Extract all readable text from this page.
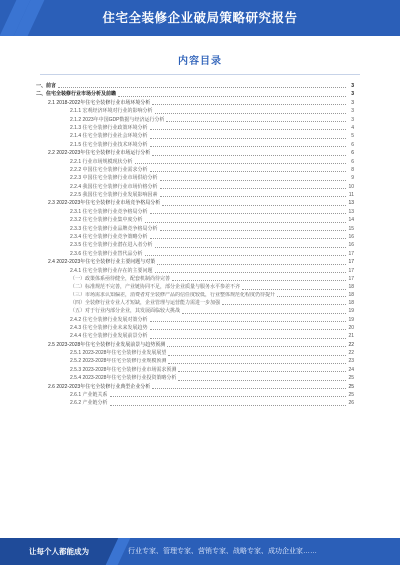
住宅全装修企业破局策略研究报告
内容目录
一、前言	3
二、住宅全装修行业市场分析及前瞻	3
2.1 2018-2022年住宅全装修行业市场环境分析	3
2.1.1 宏观经济环境对行业的影响分析	3
2.1.2 2023年中国GDP数据与经济运行分析	3
2.1.3 住宅全装修行业政策环境分析	4
2.1.4 住宅全装修行业社会环境分析	5
2.1.5 住宅全装修行业技术环境分析	6
2.2 2022-2023年住宅全装修行业市场运行分析	6
2.2.1 行业市场规模现状分析	6
2.2.2 中国住宅全装修行业需求分析	8
2.2.3 中国住宅全装修行业市场供给分析	9
2.2.4 我国住宅全装修行业市场价格分析	10
2.2.5 我国住宅全装修行业发展影响因素	11
2.3 2022-2023年住宅全装修行业市场竞争格局分析	13
2.3.1 住宅全装修行业竞争格局分析	13
2.3.2 住宅全装修行业集中度分析	14
2.3.3 住宅全装修行业品牌竞争格局分析	15
2.3.4 住宅全装修行业竞争策略分析	16
2.3.5 住宅全装修行业潜在进入者分析	16
2.3.6 住宅全装修行业替代品分析	17
2.4 2022-2023年住宅全装修行业主要问题与对策	17
2.4.1 住宅全装修行业存在的主要问题	17
（一）政策体系亟待健全，配套机制尚待完善	17
（二）标准规范不完善，产业链协同不足，部分企业质量与服务水平参差不齐	18
（三）市场需求认知偏差，消费者对全装修产品的信任度较低，行业整体规范化程度仍待提升	18
（四）全装修行业专业人才短缺，企业管理与运营能力需进一步加强	18
（五）对于行业内部分企业，其发展面临较大挑战	19
2.4.2 住宅全装修行业发展对策分析	19
2.4.3 住宅全装修行业未来发展趋势	20
2.4.4 住宅全装修行业发展前景分析	21
2.5 2023-2028年住宅全装修行业发展前景与趋势预测	22
2.5.1 2023-2028年住宅全装修行业发展展望	22
2.5.2 2023-2028年住宅全装修行业规模预测	23
2.5.3 2023-2028年住宅全装修行业市场需求预测	24
2.5.4 2023-2028年住宅全装修行业投资策略分析	25
2.6 2022-2023年住宅全装修行业典型企业分析	25
2.6.1 产业链关系	25
2.6.2 产业链分析	26
让每个人都能成为	行业专家、管理专家、营销专家、战略专家、成功企业家……
